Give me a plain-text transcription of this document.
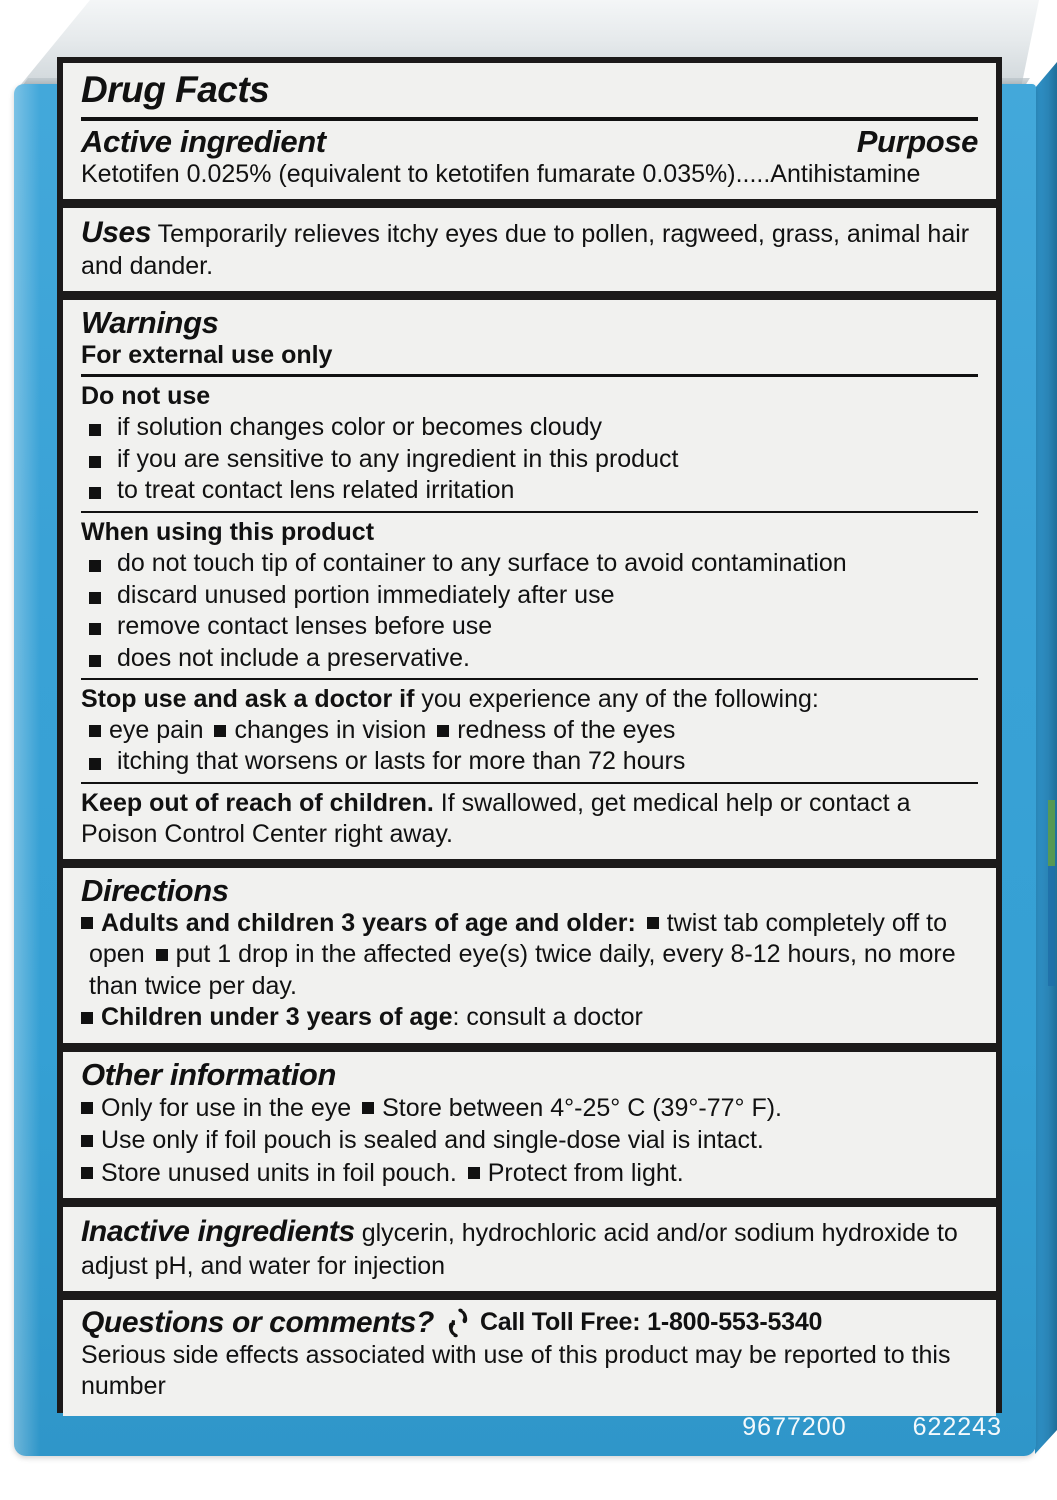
Drug Facts
Active ingredient	Purpose
Ketotifen 0.025% (equivalent to ketotifen fumarate 0.035%).....Antihistamine
Uses Temporarily relieves itchy eyes due to pollen, ragweed, grass, animal hair and dander.
Warnings
For external use only
Do not use
if solution changes color or becomes cloudy
if you are sensitive to any ingredient in this product
to treat contact lens related irritation
When using this product
do not touch tip of container to any surface to avoid contamination
discard unused portion immediately after use
remove contact lenses before use
does not include a preservative.
Stop use and ask a doctor if you experience any of the following:
eye pain changes in vision redness of the eyes
itching that worsens or lasts for more than 72 hours
Keep out of reach of children. If swallowed, get medical help or contact a Poison Control Center right away.
Directions
Adults and children 3 years of age and older: twist tab completely off to open put 1 drop in the affected eye(s) twice daily, every 8-12 hours, no more than twice per day.
Children under 3 years of age: consult a doctor
Other information
Only for use in the eye Store between 4°-25° C (39°-77° F).
Use only if foil pouch is sealed and single-dose vial is intact.
Store unused units in foil pouch. Protect from light.
Inactive ingredients glycerin, hydrochloric acid and/or sodium hydroxide to adjust pH, and water for injection
Questions or comments? Call Toll Free: 1-800-553-5340
Serious side effects associated with use of this product may be reported to this number
9677200	622243
